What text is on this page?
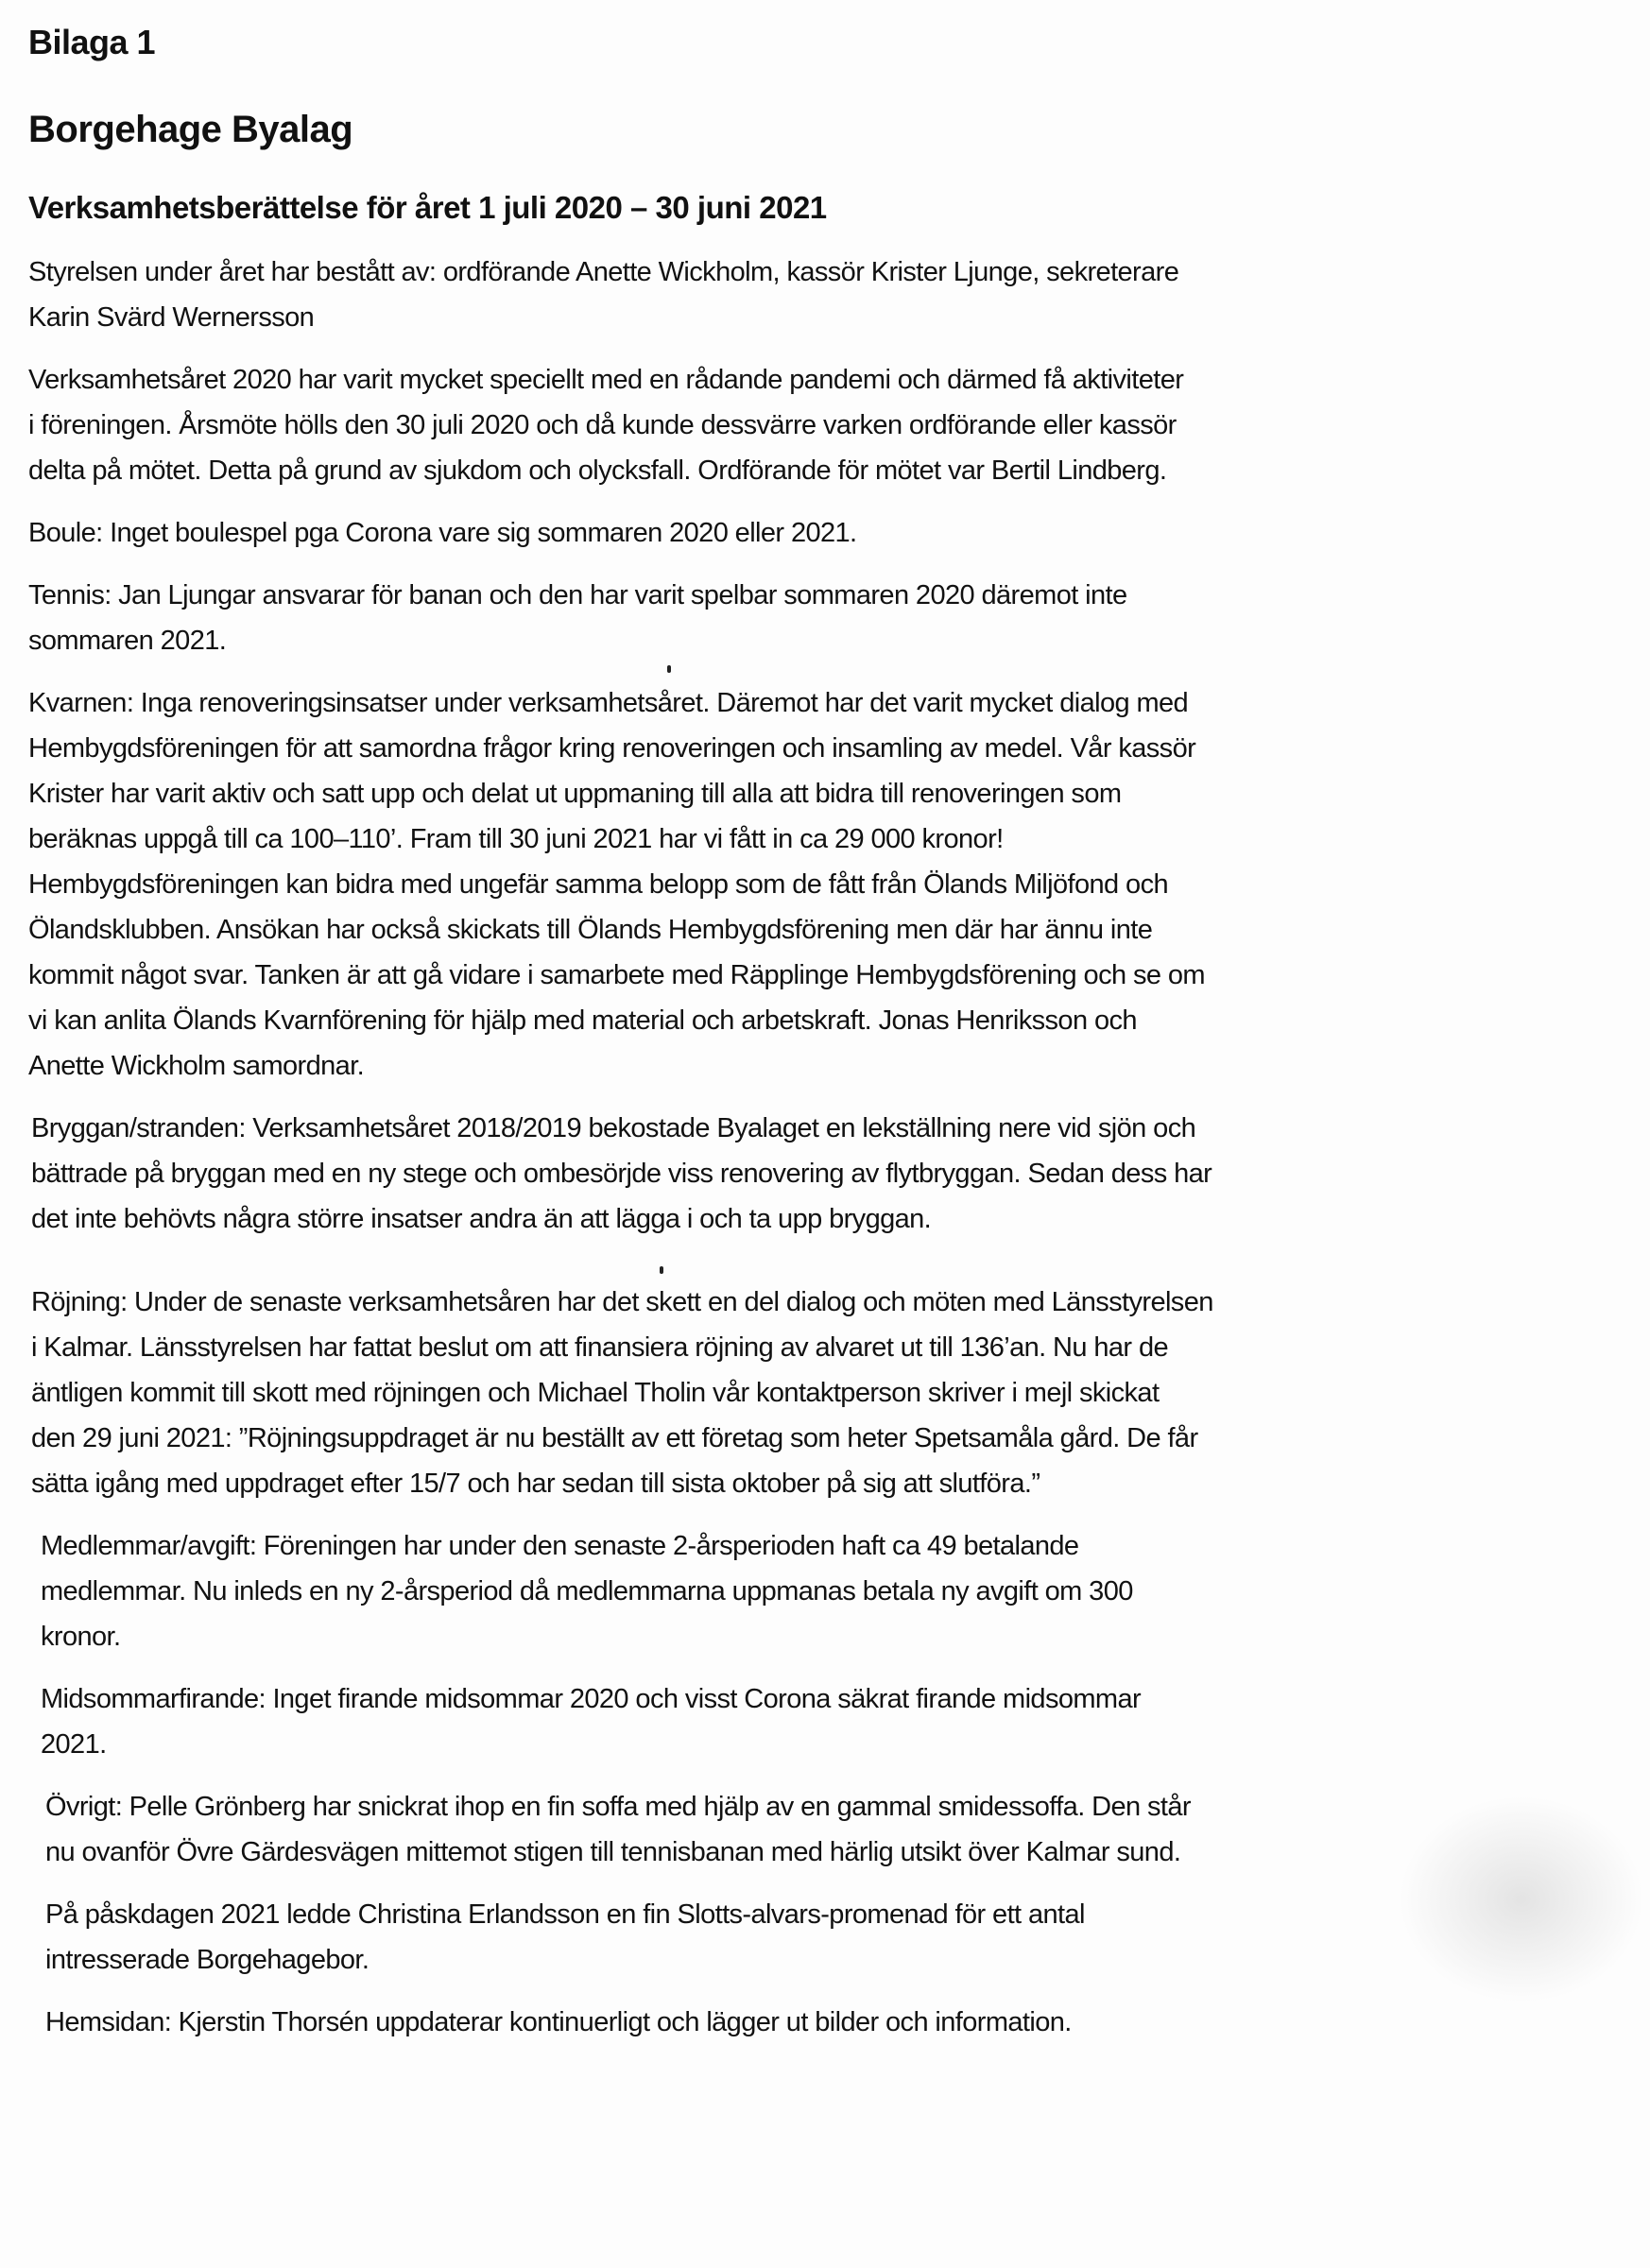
Bilaga 1
Borgehage Byalag
Verksamhetsberättelse för året 1 juli 2020 – 30 juni 2021
Styrelsen under året har bestått av: ordförande Anette Wickholm, kassör Krister Ljunge, sekreterare
Karin Svärd Wernersson
Verksamhetsåret 2020 har varit mycket speciellt med en rådande pandemi och därmed få aktiviteter
i föreningen. Årsmöte hölls den 30 juli 2020 och då kunde dessvärre varken ordförande eller kassör
delta på mötet. Detta på grund av sjukdom och olycksfall. Ordförande för mötet var Bertil Lindberg.
Boule: Inget boulespel pga Corona vare sig sommaren 2020 eller 2021.
Tennis: Jan Ljungar ansvarar för banan och den har varit spelbar sommaren 2020 däremot inte
sommaren 2021.
Kvarnen: Inga renoveringsinsatser under verksamhetsåret. Däremot har det varit mycket dialog med
Hembygdsföreningen för att samordna frågor kring renoveringen och insamling av medel. Vår kassör
Krister har varit aktiv och satt upp och delat ut uppmaning till alla att bidra till renoveringen som
beräknas uppgå till ca 100–110’. Fram till 30 juni 2021 har vi fått in ca 29 000 kronor!
Hembygdsföreningen kan bidra med ungefär samma belopp som de fått från Ölands Miljöfond och
Ölandsklubben. Ansökan har också skickats till Ölands Hembygdsförening men där har ännu inte
kommit något svar. Tanken är att gå vidare i samarbete med Räpplinge Hembygdsförening och se om
vi kan anlita Ölands Kvarnförening för hjälp med material och arbetskraft. Jonas Henriksson och
Anette Wickholm samordnar.
Bryggan/stranden: Verksamhetsåret 2018/2019 bekostade Byalaget en lekställning nere vid sjön och
bättrade på bryggan med en ny stege och ombesörjde viss renovering av flytbryggan. Sedan dess har
det inte behövts några större insatser andra än att lägga i och ta upp bryggan.
Röjning: Under de senaste verksamhetsåren har det skett en del dialog och möten med Länsstyrelsen
i Kalmar. Länsstyrelsen har fattat beslut om att finansiera röjning av alvaret ut till 136’an. Nu har de
äntligen kommit till skott med röjningen och Michael Tholin vår kontaktperson skriver i mejl skickat
den 29 juni 2021: ”Röjningsuppdraget är nu beställt av ett företag som heter Spetsamåla gård. De får
sätta igång med uppdraget efter 15/7 och har sedan till sista oktober på sig att slutföra.”
Medlemmar/avgift: Föreningen har under den senaste 2-årsperioden haft ca 49 betalande
medlemmar. Nu inleds en ny 2-årsperiod då medlemmarna uppmanas betala ny avgift om 300
kronor.
Midsommarfirande: Inget firande midsommar 2020 och visst Corona säkrat firande midsommar
2021.
Övrigt: Pelle Grönberg har snickrat ihop en fin soffa med hjälp av en gammal smidessoffa. Den står
nu ovanför Övre Gärdesvägen mittemot stigen till tennisbanan med härlig utsikt över Kalmar sund.
På påskdagen 2021 ledde Christina Erlandsson en fin Slotts-alvars-promenad för ett antal
intresserade Borgehagebor.
Hemsidan: Kjerstin Thorsén uppdaterar kontinuerligt och lägger ut bilder och information.
